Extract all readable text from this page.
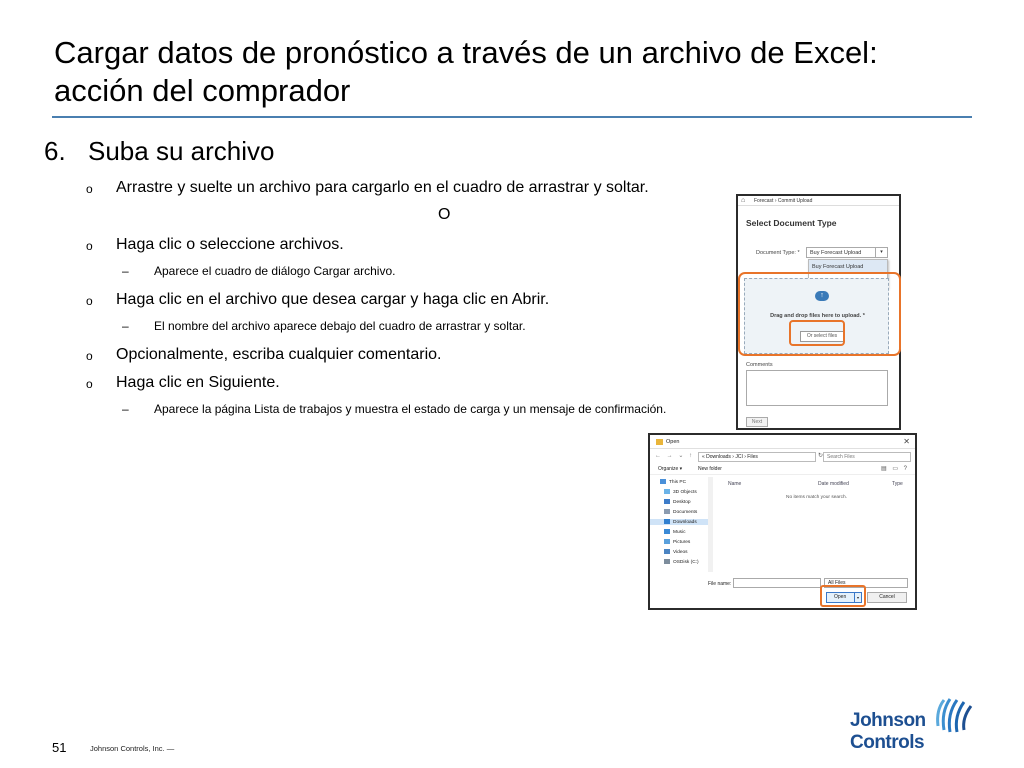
Cargar datos de pronóstico a través de un archivo de Excel:
acción del comprador
6. Suba su archivo
o Arrastre y suelte un archivo para cargarlo en el cuadro de arrastrar y soltar.
O
o Haga clic o seleccione archivos.
– Aparece el cuadro de diálogo Cargar archivo.
o Haga clic en el archivo que desea cargar y haga clic en Abrir.
– El nombre del archivo aparece debajo del cuadro de arrastrar y soltar.
o Opcionalmente, escriba cualquier comentario.
o Haga clic en Siguiente.
– Aparece la página Lista de trabajos y muestra el estado de carga y un mensaje de confirmación.
⌂ Forecast › Commit Upload
Select Document Type
Document Type: *	Buy Forecast Upload	▾
Buy Forecast Upload
↑
Drag and drop files here to upload. *
Or select files
Comments
Next
Open	✕
← → ⌄ ↑	« Downloads › JCI › Files	↻ Search Files
Organize ▾	New folder	▤ ▭ ?
This PC
3D Objects
Desktop
Documents
Downloads
Music
Pictures
Videos
OSDisk (C:)
Name	Date modified	Type
No items match your search.
File name:	All Files
Open	▾	Cancel
51	Johnson Controls, Inc. —
Johnson
Controls
